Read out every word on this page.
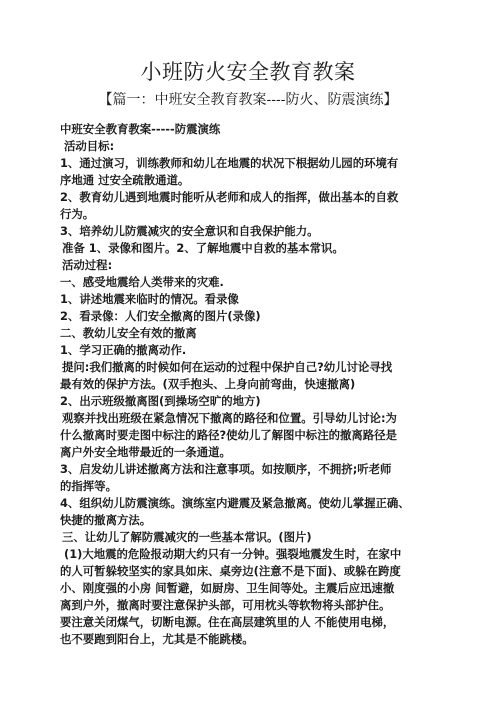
小班防火安全教育教案
【篇一：中班安全教育教案----防火、防震演练】
中班安全教育教案-----防震演练
活动目标:
1、通过演习，训练教师和幼儿在地震的状况下根据幼儿园的环境有
序地通 过安全疏散通道。
2、教育幼儿遇到地震时能听从老师和成人的指挥，做出基本的自救
行为。
3、培养幼儿防震减灾的安全意识和自我保护能力。
准备 1、录像和图片。2、了解地震中自救的基本常识。
活动过程:
一、感受地震给人类带来的灾难.
1、讲述地震来临时的情况。看录像
2、看录像：人们安全撤离的图片(录像)
二、教幼儿安全有效的撤离
1、学习正确的撤离动作.
提问:我们撤离的时候如何在运动的过程中保护自己?幼儿讨论寻找
最有效的保护方法。(双手抱头、上身向前弯曲，快速撤离)
2、出示班级撤离图(到操场空旷的地方)
观察并找出班级在紧急情况下撤离的路径和位置。引导幼儿讨论:为
什么撤离时要走图中标注的路径?使幼儿了解图中标注的撤离路径是
离户外安全地带最近的一条通道。
3、启发幼儿讲述撤离方法和注意事项。如按顺序，不拥挤;听老师
的指挥等。
4、组织幼儿防震演练。演练室内避震及紧急撤离。使幼儿掌握正确、
快捷的撤离方法。
三、让幼儿了解防震减灾的一些基本常识。(图片)
(1)大地震的危险报动期大约只有一分钟。强裂地震发生时，在家中
的人可暂躲较坚实的家具如床、桌旁边(注意不是下面)、或躲在跨度
小、刚度强的小房 间暂避，如厨房、卫生间等处。主震后应迅速撤
离到户外，撤离时要注意保护头部，可用枕头等软物将头部护住。
要注意关闭煤气，切断电源。住在高层建筑里的人 不能使用电梯，
也不要跑到阳台上，尤其是不能跳楼。
